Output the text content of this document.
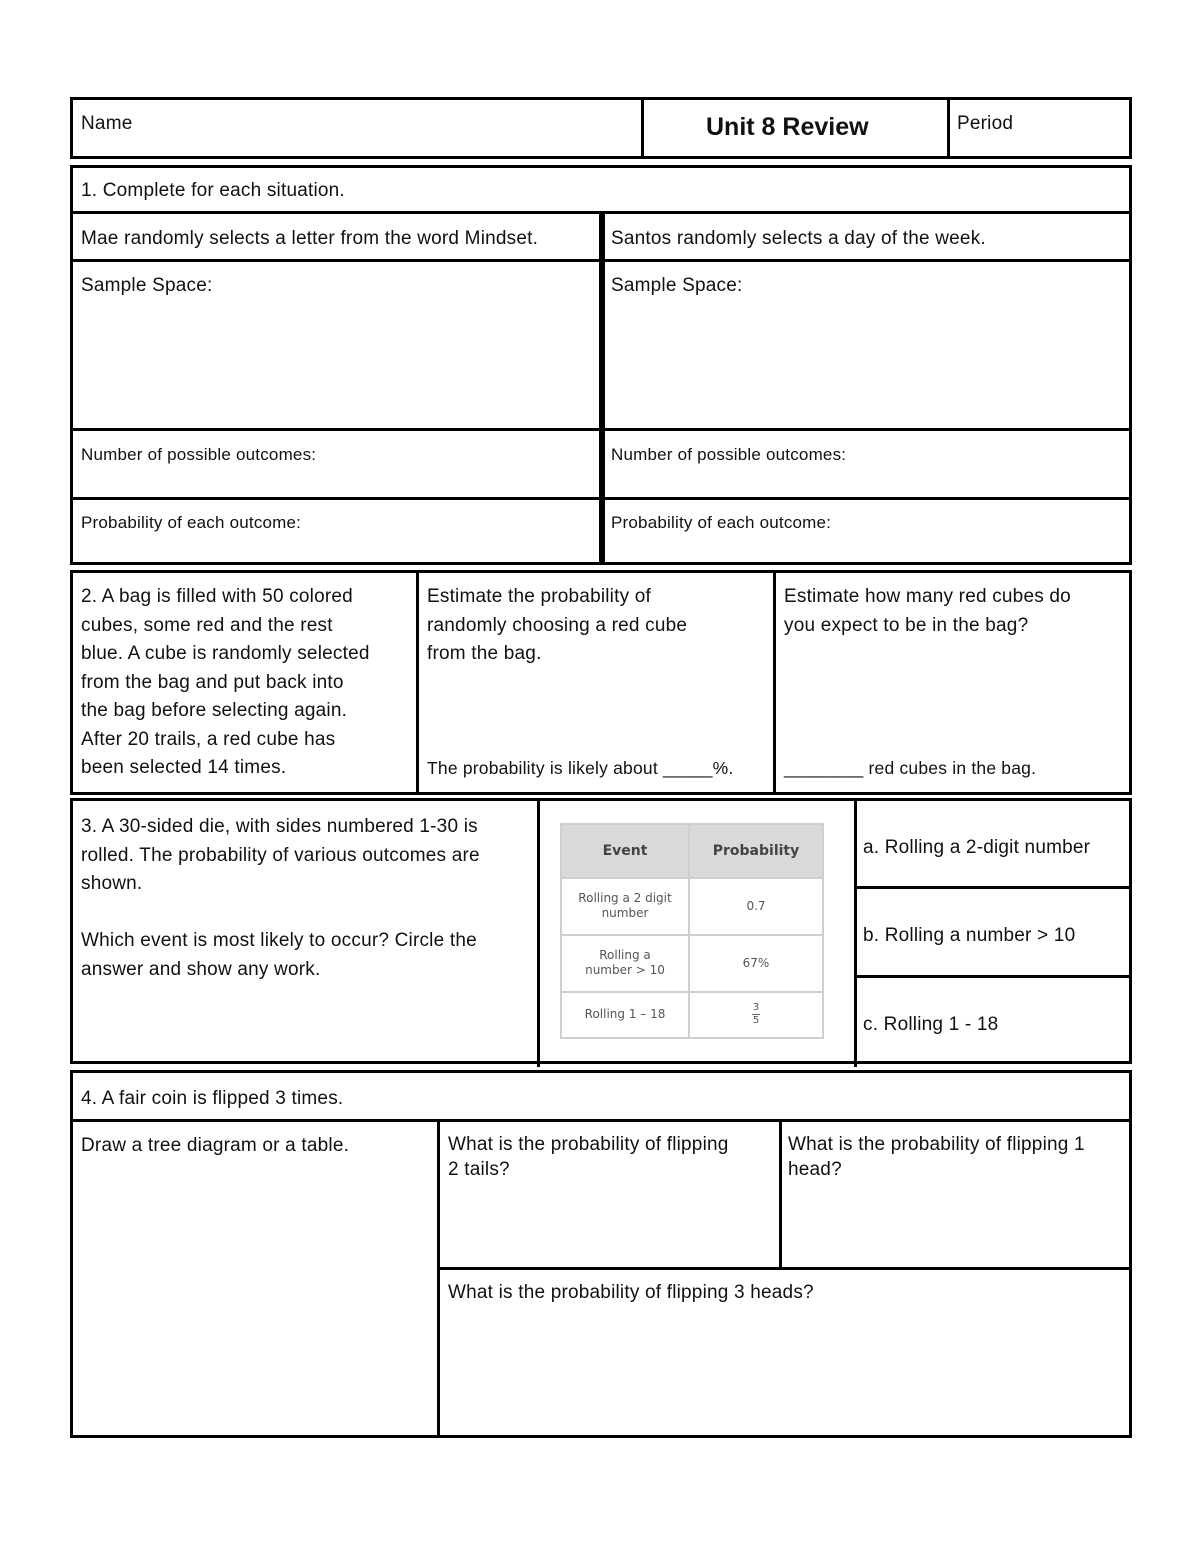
Name	Unit 8 Review	Period
1. Complete for each situation.
Mae randomly selects a letter from the word Mindset.	Santos randomly selects a day of the week.
Sample Space:	Sample Space:
Number of possible outcomes:	Number of possible outcomes:
Probability of each outcome:	Probability of each outcome:
2. A bag is filled with 50 colored
cubes, some red and the rest
blue. A cube is randomly selected
from the bag and put back into
the bag before selecting again.
After 20 trails, a red cube has
been selected 14 times.
Estimate the probability of
randomly choosing a red cube
from the bag.
The probability is likely about _____%.
Estimate how many red cubes do
you expect to be in the bag?
________ red cubes in the bag.
3. A 30-sided die, with sides numbered 1-30 is
rolled. The probability of various outcomes are
shown.
Which event is most likely to occur? Circle the
answer and show any work.
a. Rolling a 2-digit number
b. Rolling a number > 10
c. Rolling 1 - 18
Event	Probability

Rolling a 2 digit
number	0.7

Rolling a
number > 10	67%
Rolling 1 – 18	$\frac{3}{5}$
4. A fair coin is flipped 3 times.
Draw a tree diagram or a table.	What is the probability of flipping
2 tails?
What is the probability of flipping 1
head?
What is the probability of flipping 3 heads?
